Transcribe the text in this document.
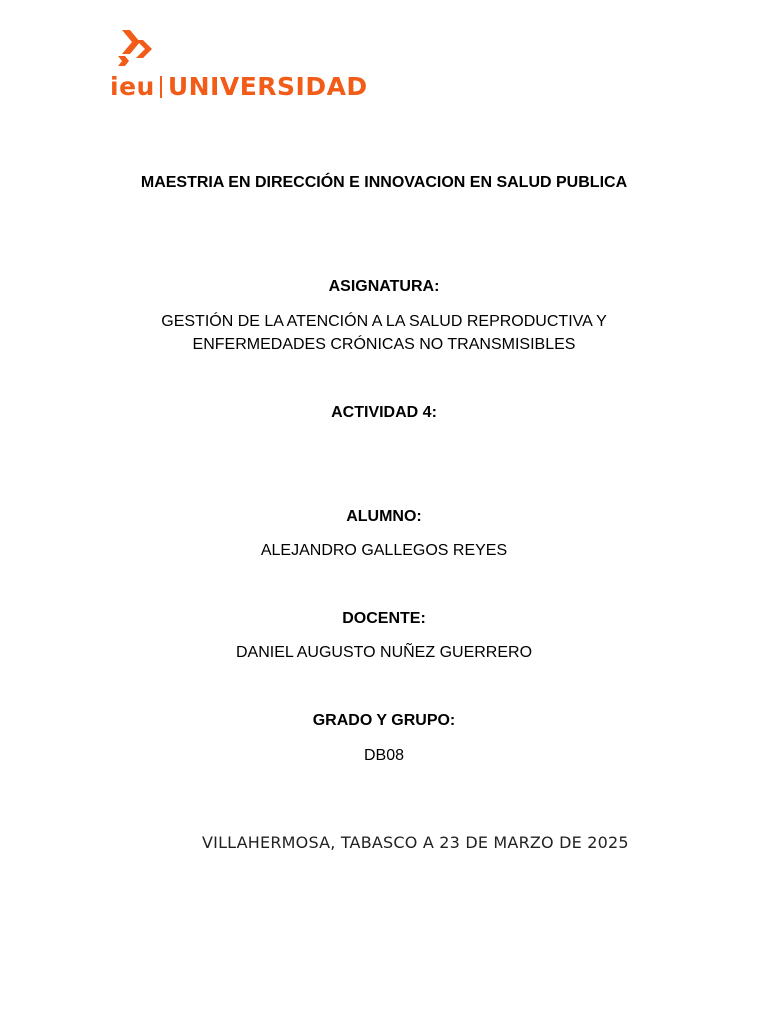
ieu UNIVERSIDAD
MAESTRIA EN DIRECCIÓN E INNOVACION EN SALUD PUBLICA
ASIGNATURA:
GESTIÓN DE LA ATENCIÓN A LA SALUD REPRODUCTIVA Y
ENFERMEDADES CRÓNICAS NO TRANSMISIBLES
ACTIVIDAD 4:
ALUMNO:
ALEJANDRO GALLEGOS REYES
DOCENTE:
DANIEL AUGUSTO NUÑEZ GUERRERO
GRADO Y GRUPO:
DB08
VILLAHERMOSA, TABASCO A 23 DE MARZO DE 2025
